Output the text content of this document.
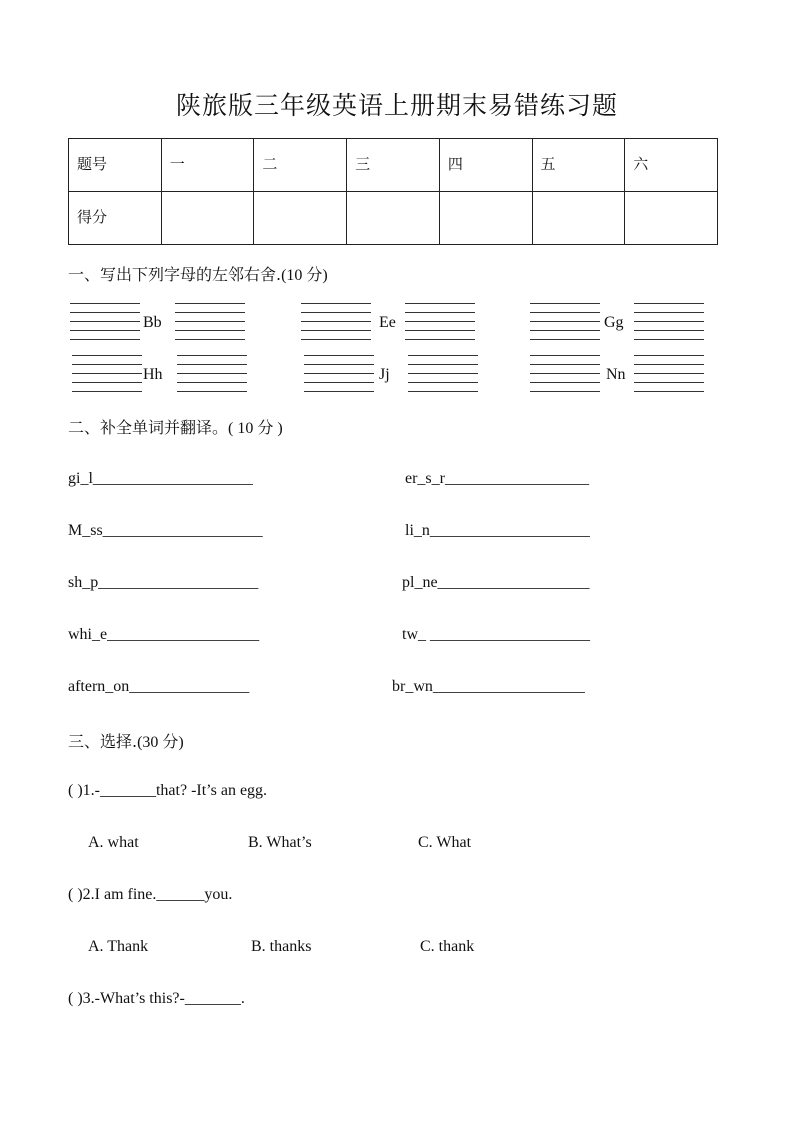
陕旅版三年级英语上册期末易错练习题
题号	一	二	三	四	五	六
得分						
一、写出下列字母的左邻右舍.(10 分)
Bb	Ee	Gg
Hh	Jj	Nn
二、补全单词并翻译。( 10 分 )
gi_l____________________	er_s_r__________________
M_ss____________________	li_n____________________
sh_p____________________	pl_ne___________________
whi_e___________________	tw_ ____________________
aftern_on_______________	br_wn___________________
三、选择.(30 分)
( )1.-_______that? -It’s an egg.
A. what	B. What’s	C. What
( )2.I am fine.______you.
A. Thank	B. thanks	C. thank
( )3.-What’s this?-_______.
